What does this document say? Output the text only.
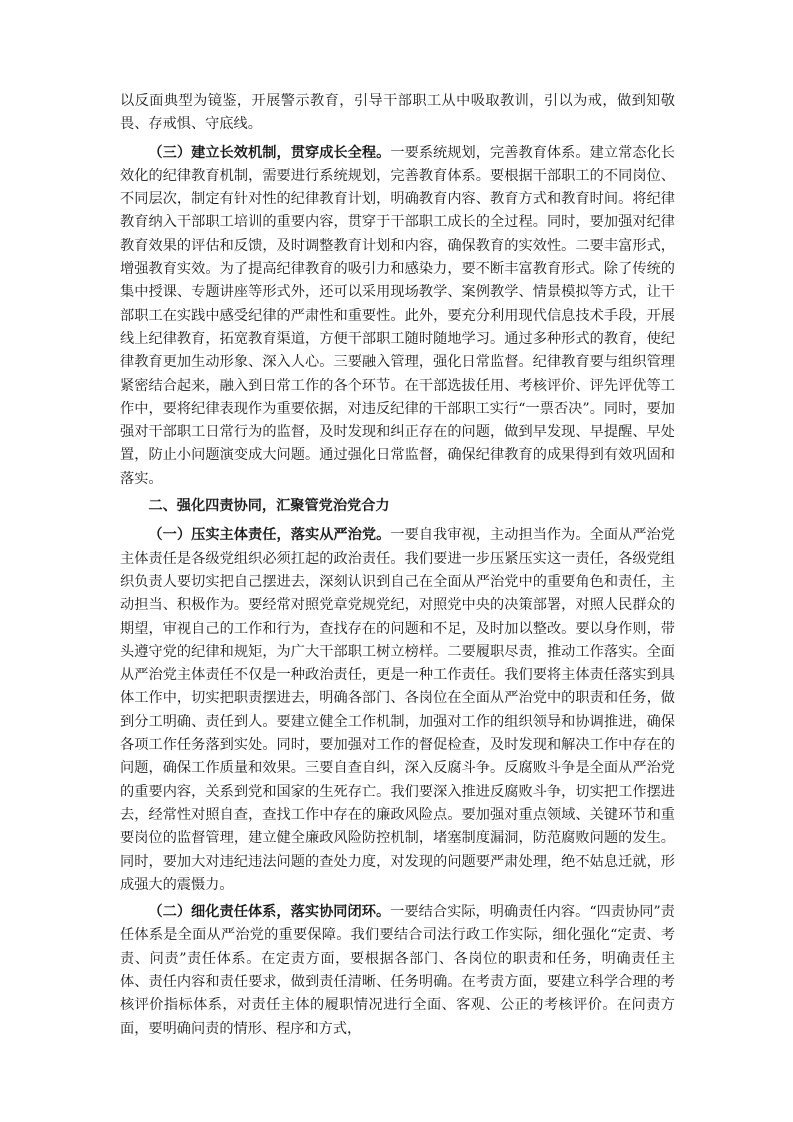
以反面典型为镜鉴，开展警示教育，引导干部职工从中吸取教训，引以为戒，做到知敬畏、存戒惧、守底线。

（三）建立长效机制，贯穿成长全程。一要系统规划，完善教育体系。建立常态化长效化的纪律教育机制，需要进行系统规划，完善教育体系。要根据干部职工的不同岗位、不同层次，制定有针对性的纪律教育计划，明确教育内容、教育方式和教育时间。将纪律教育纳入干部职工培训的重要内容，贯穿于干部职工成长的全过程。同时，要加强对纪律教育效果的评估和反馈，及时调整教育计划和内容，确保教育的实效性。二要丰富形式，增强教育实效。为了提高纪律教育的吸引力和感染力，要不断丰富教育形式。除了传统的集中授课、专题讲座等形式外，还可以采用现场教学、案例教学、情景模拟等方式，让干部职工在实践中感受纪律的严肃性和重要性。此外，要充分利用现代信息技术手段，开展线上纪律教育，拓宽教育渠道，方便干部职工随时随地学习。通过多种形式的教育，使纪律教育更加生动形象、深入人心。三要融入管理，强化日常监督。纪律教育要与组织管理紧密结合起来，融入到日常工作的各个环节。在干部选拔任用、考核评价、评先评优等工作中，要将纪律表现作为重要依据，对违反纪律的干部职工实行“一票否决”。同时，要加强对干部职工日常行为的监督，及时发现和纠正存在的问题，做到早发现、早提醒、早处置，防止小问题演变成大问题。通过强化日常监督，确保纪律教育的成果得到有效巩固和落实。

二、强化四责协同，汇聚管党治党合力

（一）压实主体责任，落实从严治党。一要自我审视，主动担当作为。全面从严治党主体责任是各级党组织必须扛起的政治责任。我们要进一步压紧压实这一责任，各级党组织负责人要切实把自己摆进去，深刻认识到自己在全面从严治党中的重要角色和责任，主动担当、积极作为。要经常对照党章党规党纪，对照党中央的决策部署，对照人民群众的期望，审视自己的工作和行为，查找存在的问题和不足，及时加以整改。要以身作则，带头遵守党的纪律和规矩，为广大干部职工树立榜样。二要履职尽责，推动工作落实。全面从严治党主体责任不仅是一种政治责任，更是一种工作责任。我们要将主体责任落实到具体工作中，切实把职责摆进去，明确各部门、各岗位在全面从严治党中的职责和任务，做到分工明确、责任到人。要建立健全工作机制，加强对工作的组织领导和协调推进，确保各项工作任务落到实处。同时，要加强对工作的督促检查，及时发现和解决工作中存在的问题，确保工作质量和效果。三要自查自纠，深入反腐斗争。反腐败斗争是全面从严治党的重要内容，关系到党和国家的生死存亡。我们要深入推进反腐败斗争，切实把工作摆进去，经常性对照自查，查找工作中存在的廉政风险点。要加强对重点领域、关键环节和重要岗位的监督管理，建立健全廉政风险防控机制，堵塞制度漏洞，防范腐败问题的发生。同时，要加大对违纪违法问题的查处力度，对发现的问题要严肃处理，绝不姑息迁就，形成强大的震慑力。

（二）细化责任体系，落实协同闭环。一要结合实际，明确责任内容。“四责协同”责任体系是全面从严治党的重要保障。我们要结合司法行政工作实际，细化强化“定责、考责、问责”责任体系。在定责方面，要根据各部门、各岗位的职责和任务，明确责任主体、责任内容和责任要求，做到责任清晰、任务明确。在考责方面，要建立科学合理的考核评价指标体系，对责任主体的履职情况进行全面、客观、公正的考核评价。在问责方面，要明确问责的情形、程序和方式，
